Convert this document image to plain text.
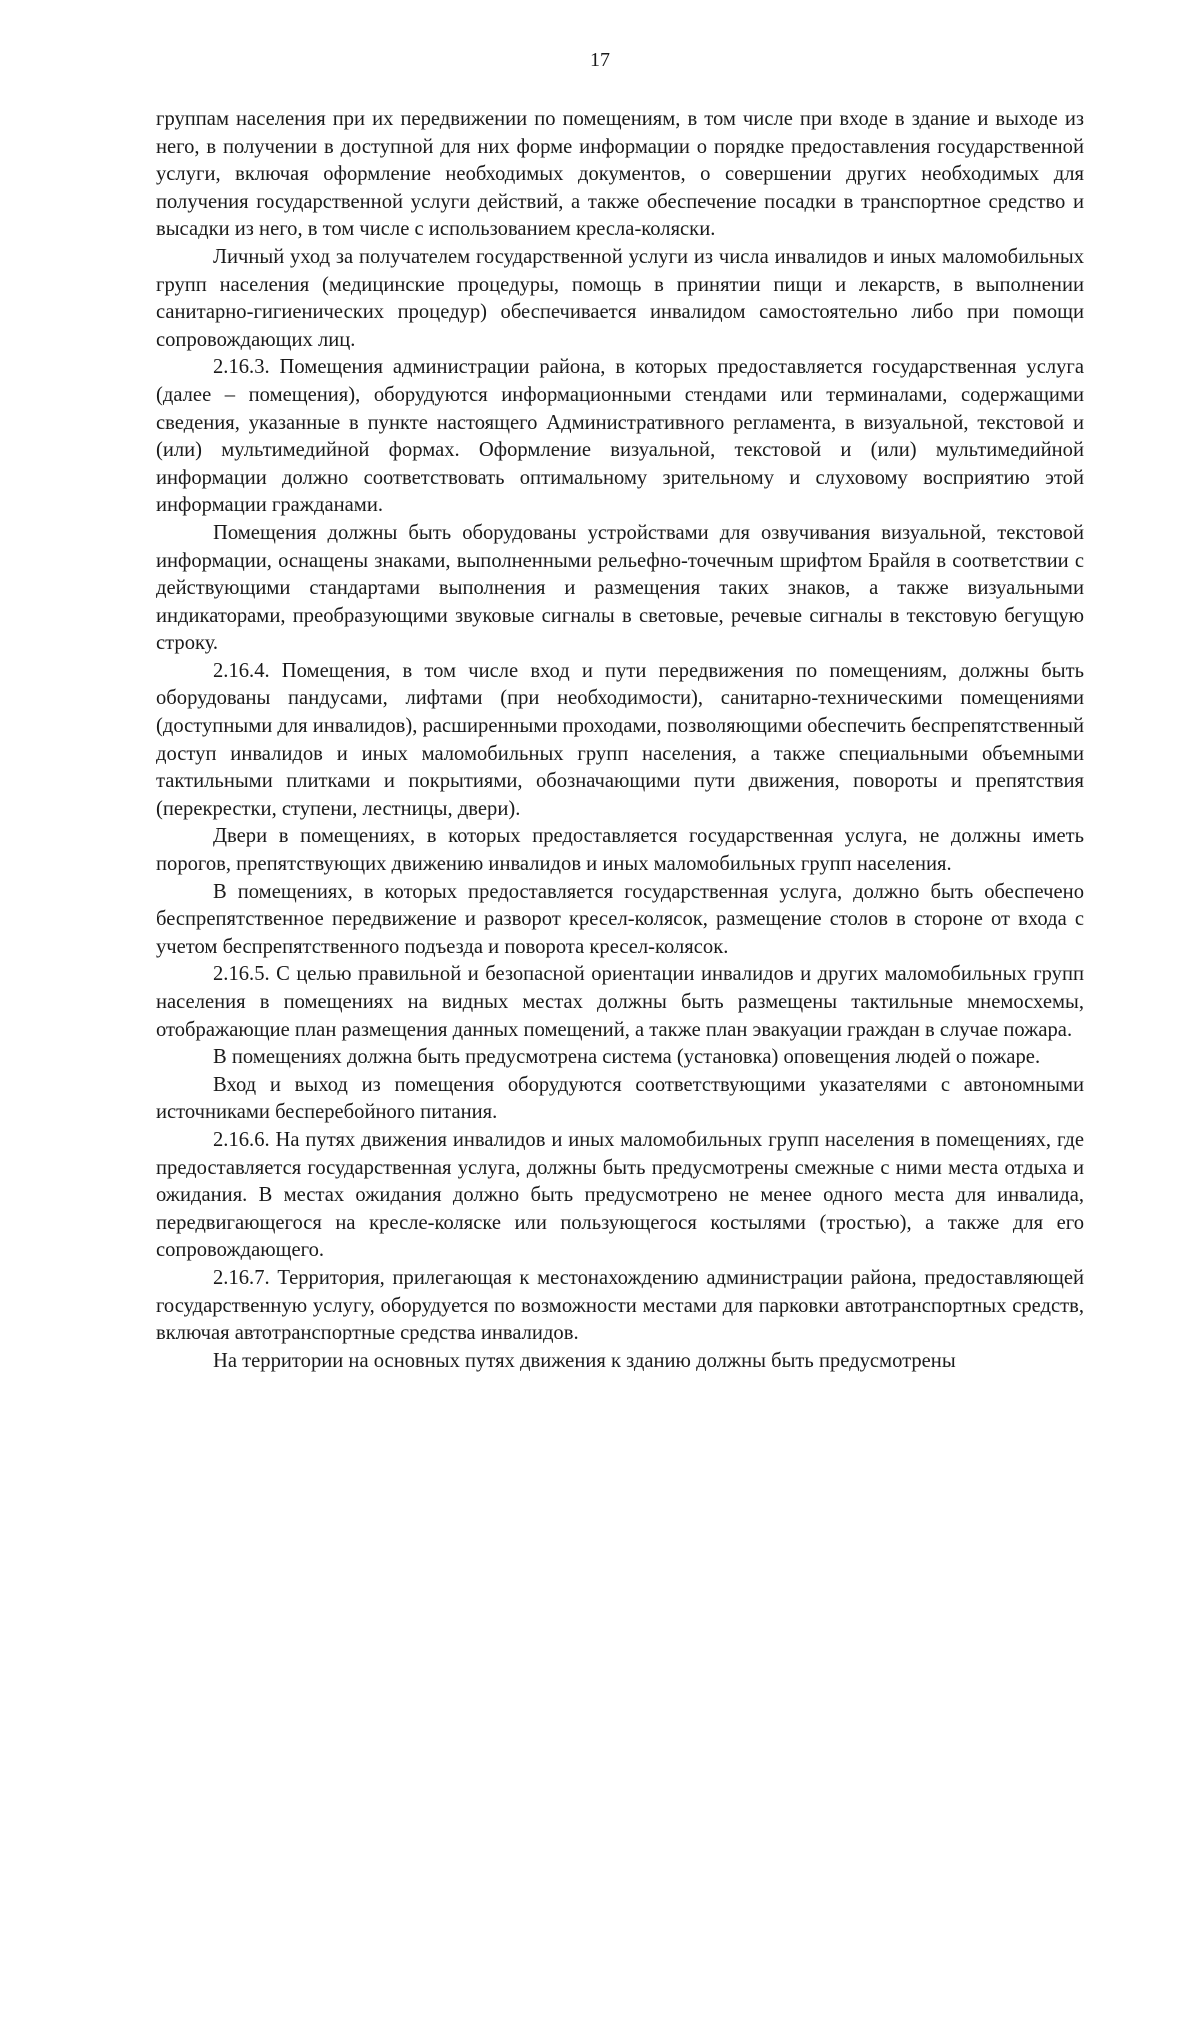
17

группам населения при их передвижении по помещениям, в том числе при входе в здание и выходе из него, в получении в доступной для них форме информации о порядке предоставления государственной услуги, включая оформление необходимых документов, о совершении других необходимых для получения государственной услуги действий, а также обеспечение посадки в транспортное средство и высадки из него, в том числе с использованием кресла-коляски.

Личный уход за получателем государственной услуги из числа инвалидов и иных маломобильных групп населения (медицинские процедуры, помощь в принятии пищи и лекарств, в выполнении санитарно-гигиенических процедур) обеспечивается инвалидом самостоятельно либо при помощи сопровождающих лиц.

2.16.3. Помещения администрации района, в которых предоставляется государственная услуга (далее – помещения), оборудуются информационными стендами или терминалами, содержащими сведения, указанные в пункте настоящего Административного регламента, в визуальной, текстовой и (или) мультимедийной формах. Оформление визуальной, текстовой и (или) мультимедийной информации должно соответствовать оптимальному зрительному и слуховому восприятию этой информации гражданами.

Помещения должны быть оборудованы устройствами для озвучивания визуальной, текстовой информации, оснащены знаками, выполненными рельефно-точечным шрифтом Брайля в соответствии с действующими стандартами выполнения и размещения таких знаков, а также визуальными индикаторами, преобразующими звуковые сигналы в световые, речевые сигналы в текстовую бегущую строку.

2.16.4. Помещения, в том числе вход и пути передвижения по помещениям, должны быть оборудованы пандусами, лифтами (при необходимости), санитарно-техническими помещениями (доступными для инвалидов), расширенными проходами, позволяющими обеспечить беспрепятственный доступ инвалидов и иных маломобильных групп населения, а также специальными объемными тактильными плитками и покрытиями, обозначающими пути движения, повороты и препятствия (перекрестки, ступени, лестницы, двери).

Двери в помещениях, в которых предоставляется государственная услуга, не должны иметь порогов, препятствующих движению инвалидов и иных маломобильных групп населения.

В помещениях, в которых предоставляется государственная услуга, должно быть обеспечено беспрепятственное передвижение и разворот кресел-колясок, размещение столов в стороне от входа с учетом беспрепятственного подъезда и поворота кресел-колясок.

2.16.5. С целью правильной и безопасной ориентации инвалидов и других маломобильных групп населения в помещениях на видных местах должны быть размещены тактильные мнемосхемы, отображающие план размещения данных помещений, а также план эвакуации граждан в случае пожара.

В помещениях должна быть предусмотрена система (установка) оповещения людей о пожаре.

Вход и выход из помещения оборудуются соответствующими указателями с автономными источниками бесперебойного питания.

2.16.6. На путях движения инвалидов и иных маломобильных групп населения в помещениях, где предоставляется государственная услуга, должны быть предусмотрены смежные с ними места отдыха и ожидания. В местах ожидания должно быть предусмотрено не менее одного места для инвалида, передвигающегося на кресле-коляске или пользующегося костылями (тростью), а также для его сопровождающего.

2.16.7. Территория, прилегающая к местонахождению администрации района, предоставляющей государственную услугу, оборудуется по возможности местами для парковки автотранспортных средств, включая автотранспортные средства инвалидов.

На территории на основных путях движения к зданию должны быть предусмотрены
